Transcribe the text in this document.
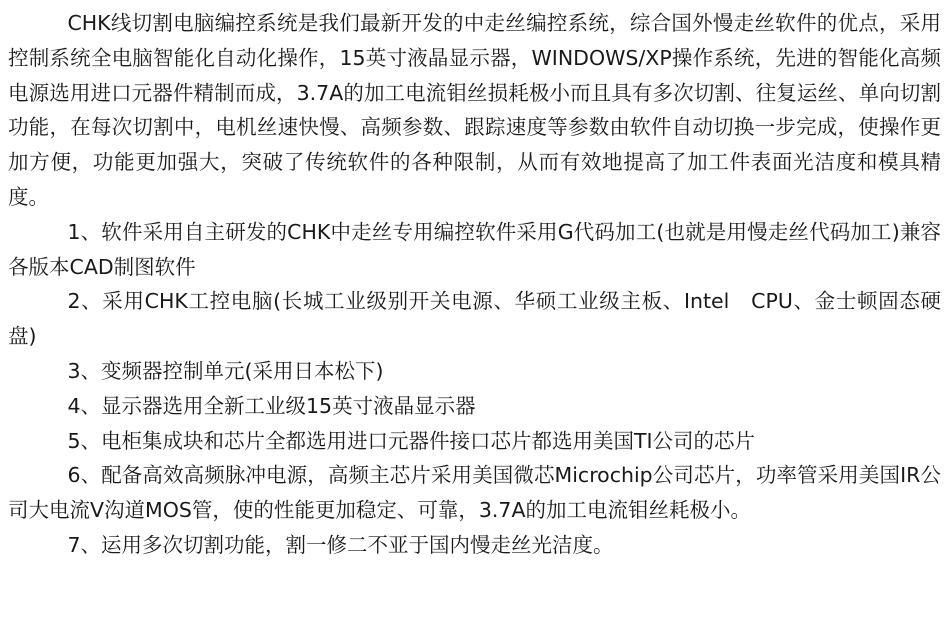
CHK线切割电脑编控系统是我们最新开发的中走丝编控系统，综合国外慢走丝软件的优点，采用控制系统全电脑智能化自动化操作，15英寸液晶显示器，WINDOWS/XP操作系统，先进的智能化高频电源选用进口元器件精制而成，3.7A的加工电流钼丝损耗极小而且具有多次切割、往复运丝、单向切割功能，在每次切割中，电机丝速快慢、高频参数、跟踪速度等参数由软件自动切换一步完成，使操作更加方便，功能更加强大，突破了传统软件的各种限制，从而有效地提高了加工件表面光洁度和模具精度。

1、软件采用自主研发的CHK中走丝专用编控软件采用G代码加工(也就是用慢走丝代码加工)兼容各版本CAD制图软件

2、采用CHK工控电脑(长城工业级别开关电源、华硕工业级主板、Intel　CPU、金士顿固态硬盘)

3、变频器控制单元(采用日本松下)

4、显示器选用全新工业级15英寸液晶显示器

5、电柜集成块和芯片全都选用进口元器件接口芯片都选用美国TI公司的芯片

6、配备高效高频脉冲电源，高频主芯片采用美国微芯Microchip公司芯片，功率管采用美国IR公司大电流V沟道MOS管，使的性能更加稳定、可靠，3.7A的加工电流钼丝耗极小。

7、运用多次切割功能，割一修二不亚于国内慢走丝光洁度。
